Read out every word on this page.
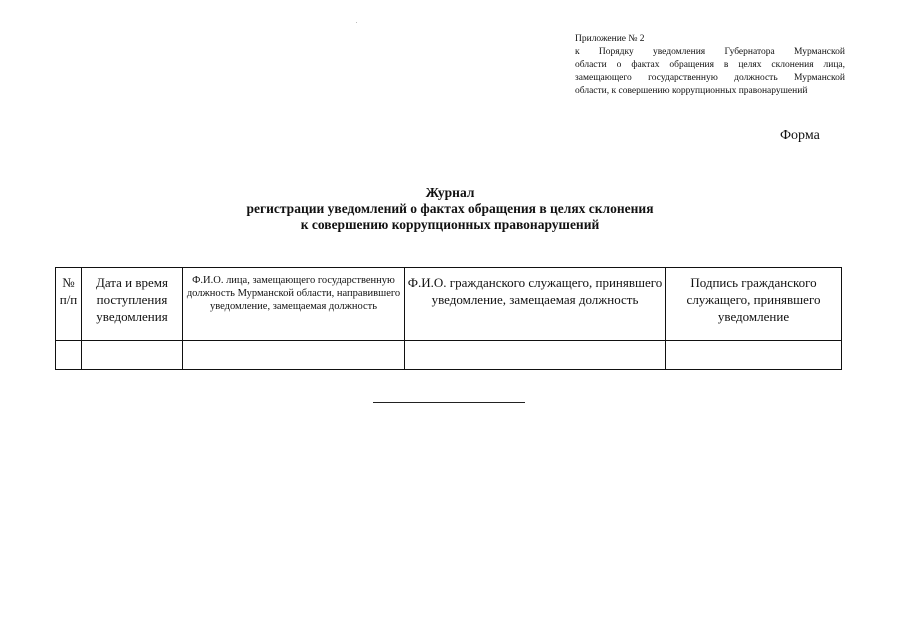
Приложение № 2
к Порядку уведомления Губернатора Мурманской
области о фактах обращения в целях склонения лица,
замещающего государственную должность Мурманской
области, к совершению коррупционных правонарушений
Форма
Журнал
регистрации уведомлений о фактах обращения в целях склонения
к совершению коррупционных правонарушений
№ п/п	Дата и время поступления уведомления	Ф.И.О. лица, замещающего государственную должность Мурманской области, направившего уведомление, замещаемая должность	Ф.И.О. гражданского служащего, принявшего уведомление, замещаемая должность	Подпись гражданского служащего, принявшего уведомление
